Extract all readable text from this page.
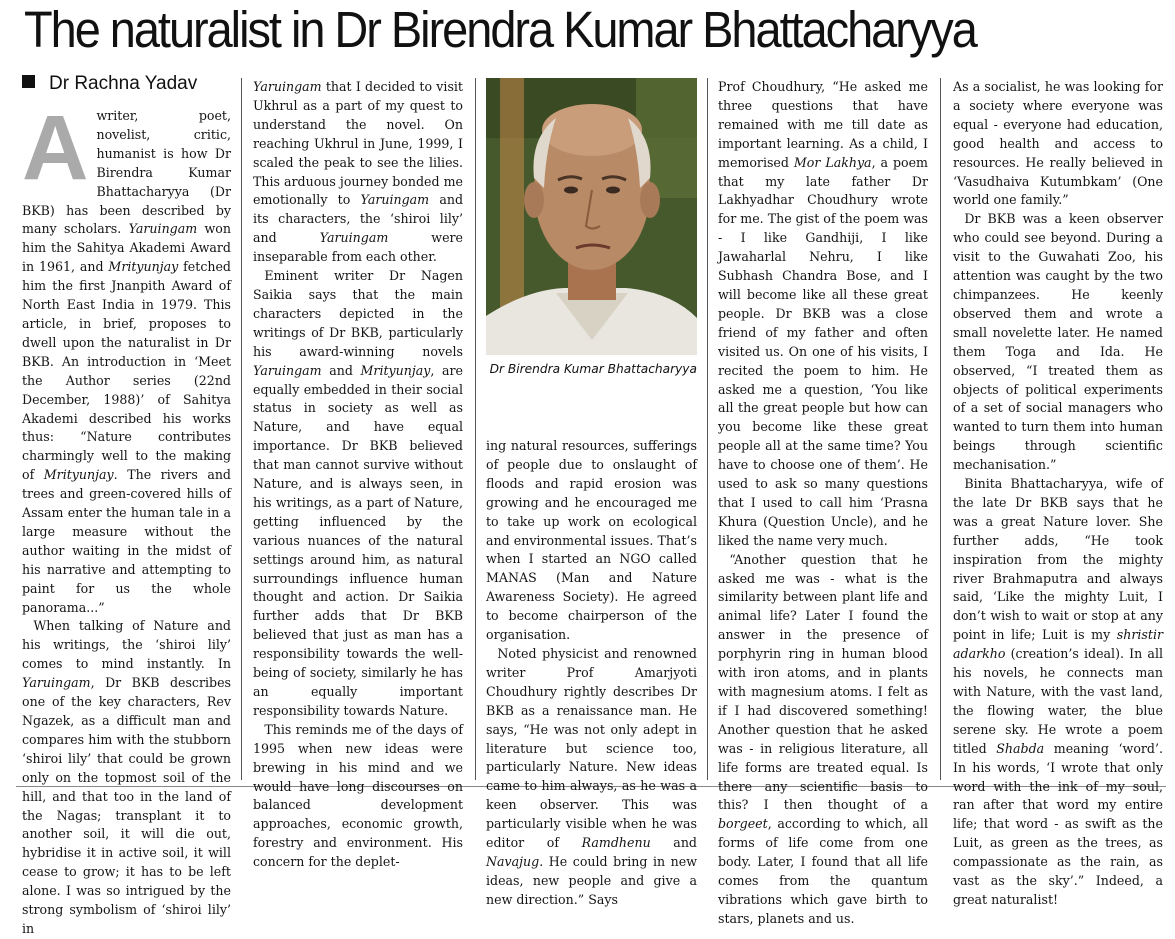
The naturalist in Dr Birendra Kumar Bhattacharyya
Dr Rachna Yadav
Dr Birendra Kumar Bhattacharyya
A writer, poet, novelist, critic, humanist is how Dr Birendra Kumar Bhattacharyya (Dr BKB) has been described by many scholars. Yaruingam won him the Sahitya Akademi Award in 1961, and Mrityunjay fetched him the first Jnanpith Award of North East India in 1979. This article, in brief, proposes to dwell upon the naturalist in Dr BKB. An introduction in ‘Meet the Author series (22nd December, 1988)’ of Sahitya Akademi described his works thus: “Nature contributes charmingly well to the making of Mrityunjay. The rivers and trees and green-covered hills of Assam enter the human tale in a large measure without the author waiting in the midst of his narrative and attempting to paint for us the whole panorama...”

When talking of Nature and his writings, the ‘shiroi lily’ comes to mind instantly. In Yaruingam, Dr BKB describes one of the key characters, Rev Ngazek, as a difficult man and compares him with the stubborn ‘shiroi lily’ that could be grown only on the topmost soil of the hill, and that too in the land of the Nagas; transplant it to another soil, it will die out, hybridise it in active soil, it will cease to grow; it has to be left alone. I was so intrigued by the strong symbolism of ‘shiroi lily’ in

Yaruingam that I decided to visit Ukhrul as a part of my quest to understand the novel. On reaching Ukhrul in June, 1999, I scaled the peak to see the lilies. This arduous journey bonded me emotionally to Yaruingam and its characters, the ‘shiroi lily’ and Yaruingam were inseparable from each other.

Eminent writer Dr Nagen Saikia says that the main characters depicted in the writings of Dr BKB, particularly his award-winning novels Yaruingam and Mrityunjay, are equally embedded in their social status in society as well as Nature, and have equal importance. Dr BKB believed that man cannot survive without Nature, and is always seen, in his writings, as a part of Nature, getting influenced by the various nuances of the natural settings around him, as natural surroundings influence human thought and action. Dr Saikia further adds that Dr BKB believed that just as man has a responsibility towards the well-being of society, similarly he has an equally important responsibility towards Nature.

This reminds me of the days of 1995 when new ideas were brewing in his mind and we would have long discourses on balanced development approaches, economic growth, forestry and environment. His concern for the deplet-

ing natural resources, sufferings of people due to onslaught of floods and rapid erosion was growing and he encouraged me to take up work on ecological and environmental issues. That’s when I started an NGO called MANAS (Man and Nature Awareness Society). He agreed to become chairperson of the organisation.

Noted physicist and renowned writer Prof Amarjyoti Choudhury rightly describes Dr BKB as a renaissance man. He says, “He was not only adept in literature but science too, particularly Nature. New ideas came to him always, as he was a keen observer. This was particularly visible when he was editor of Ramdhenu and Navajug. He could bring in new ideas, new people and give a new direction.” Says

Prof Choudhury, “He asked me three questions that have remained with me till date as important learning. As a child, I memorised Mor Lakhya, a poem that my late father Dr Lakhyadhar Choudhury wrote for me. The gist of the poem was - I like Gandhiji, I like Jawaharlal Nehru, I like Subhash Chandra Bose, and I will become like all these great people. Dr BKB was a close friend of my father and often visited us. On one of his visits, I recited the poem to him. He asked me a question, ‘You like all the great people but how can you become like these great people all at the same time? You have to choose one of them’. He used to ask so many questions that I used to call him ‘Prasna Khura (Question Uncle), and he liked the name very much.

“Another question that he asked me was - what is the similarity between plant life and animal life? Later I found the answer in the presence of porphyrin ring in human blood with iron atoms, and in plants with magnesium atoms. I felt as if I had discovered something! Another question that he asked was - in religious literature, all life forms are treated equal. Is there any scientific basis to this? I then thought of a borgeet, according to which, all forms of life come from one body. Later, I found that all life comes from the quantum vibrations which gave birth to stars, planets and us.

As a socialist, he was looking for a society where everyone was equal - everyone had education, good health and access to resources. He really believed in ‘Vasudhaiva Kutumbkam’ (One world one family.”

Dr BKB was a keen observer who could see beyond. During a visit to the Guwahati Zoo, his attention was caught by the two chimpanzees. He keenly observed them and wrote a small novelette later. He named them Toga and Ida. He observed, “I treated them as objects of political experiments of a set of social managers who wanted to turn them into human beings through scientific mechanisation.”

Binita Bhattacharyya, wife of the late Dr BKB says that he was a great Nature lover. She further adds, “He took inspiration from the mighty river Brahmaputra and always said, ‘Like the mighty Luit, I don’t wish to wait or stop at any point in life; Luit is my shristir adarkho (creation’s ideal). In all his novels, he connects man with Nature, with the vast land, the flowing water, the blue serene sky. He wrote a poem titled Shabda meaning ‘word’. In his words, ‘I wrote that only word with the ink of my soul, ran after that word my entire life; that word - as swift as the Luit, as green as the trees, as compassionate as the rain, as vast as the sky’.” Indeed, a great naturalist!
